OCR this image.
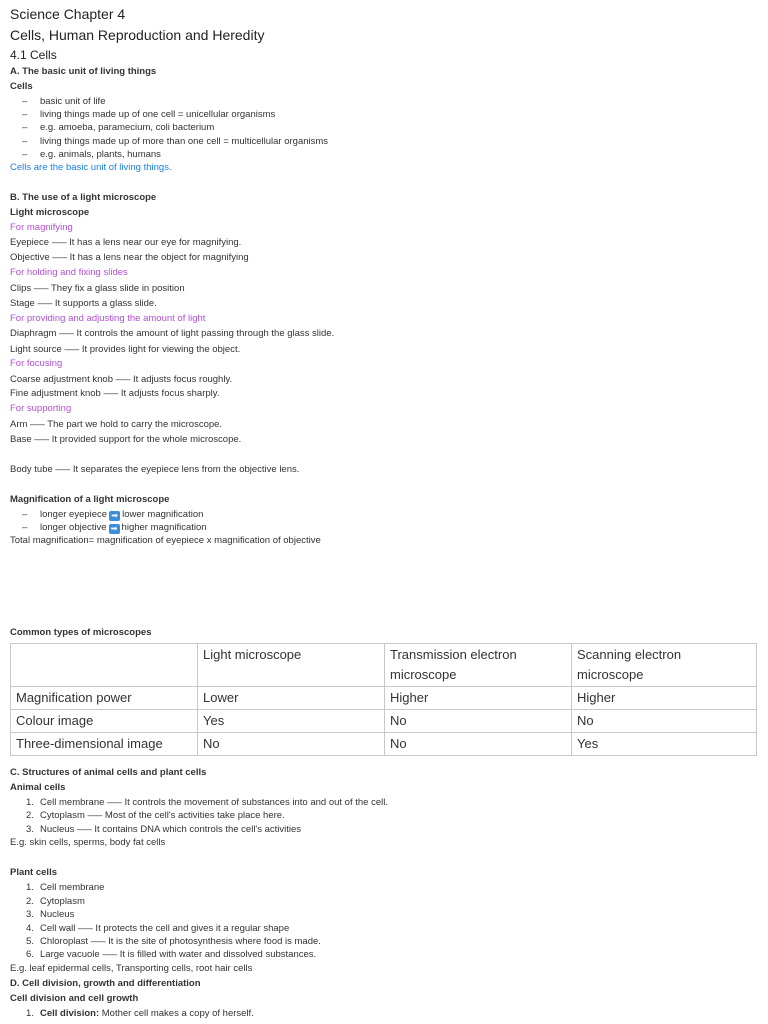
Science Chapter 4
Cells, Human Reproduction and Heredity
4.1 Cells
A. The basic unit of living things
Cells
– basic unit of life
– living things made up of one cell = unicellular organisms
– e.g. amoeba, paramecium, coli bacterium
– living things made up of more than one cell = multicellular organisms
– e.g. animals, plants, humans
Cells are the basic unit of living things.
B. The use of a light microscope
Light microscope
For magnifying
Eyepiece —– It has a lens near our eye for magnifying.
Objective —– It has a lens near the object for magnifying
For holding and fixing slides
Clips —– They fix a glass slide in position
Stage —– It supports a glass slide.
For providing and adjusting the amount of light
Diaphragm —– It controls the amount of light passing through the glass slide.
Light source —– It provides light for viewing the object.
For focusing
Coarse adjustment knob —– It adjusts focus roughly.
Fine adjustment knob —– It adjusts focus sharply.
For supporting
Arm —– The part we hold to carry the microscope.
Base —– It provided support for the whole microscope.
Body tube —– It separates the eyepiece lens from the objective lens.
Magnification of a light microscope
– longer eyepiece ➡ lower magnification
– longer objective ➡ higher magnification
Total magnification= magnification of eyepiece x magnification of objective
Common types of microscopes
	Light microscope	Transmission electron microscope	Scanning electron microscope
Magnification power	Lower	Higher	Higher
Colour image	Yes	No	No
Three-dimensional image	No	No	Yes
C. Structures of animal cells and plant cells
Animal cells
1. Cell membrane —– It controls the movement of substances into and out of the cell.
2. Cytoplasm —– Most of the cell's activities take place here.
3. Nucleus —– It contains DNA which controls the cell's activities
E.g. skin cells, sperms, body fat cells
Plant cells
1. Cell membrane
2. Cytoplasm
3. Nucleus
4. Cell wall —– It protects the cell and gives it a regular shape
5. Chloroplast —– It is the site of photosynthesis where food is made.
6. Large vacuole —– It is filled with water and dissolved substances.
E.g. leaf epidermal cells, Transporting cells, root hair cells
D. Cell division, growth and differentiation
Cell division and cell growth
1. Cell division: Mother cell makes a copy of herself.
